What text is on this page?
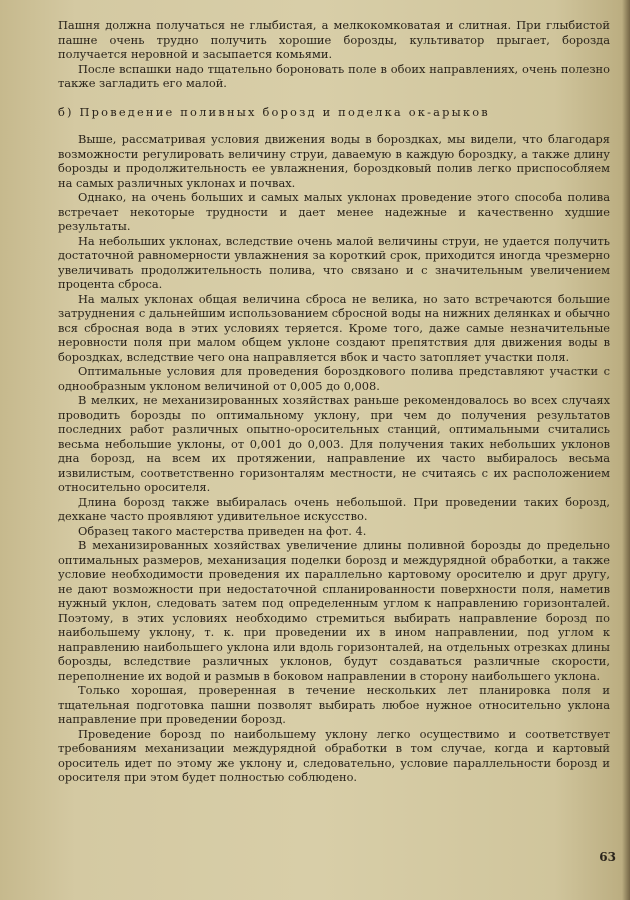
Пашня должна получаться не глыбистая, а мелкокомковатая и слитная. При глыбистой пашне очень трудно получить хорошие борозды, культиватор прыгает, борозда получается неровной и засыпается комьями.

После вспашки надо тщательно бороновать поле в обоих направлениях, очень полезно также загладить его малой.

б) Проведение поливных борозд и поделка ок-арыков

Выше, рассматривая условия движения воды в бороздках, мы видели, что благодаря возможности регулировать величину струи, даваемую в каждую бороздку, а также длину борозды и продолжительность ее увлажнения, бороздковый полив легко приспособляем на самых различных уклонах и почвах.

Однако, на очень больших и самых малых уклонах проведение этого способа полива встречает некоторые трудности и дает менее надежные и качественно худшие результаты.

На небольших уклонах, вследствие очень малой величины струи, не удается получить достаточной равномерности увлажнения за короткий срок, приходится иногда чрезмерно увеличивать продолжительность полива, что связано и с значительным увеличением процента сброса.

На малых уклонах общая величина сброса не велика, но зато встречаются большие затруднения с дальнейшим использованием сбросной воды на нижних делянках и обычно вся сбросная вода в этих условиях теряется. Кроме того, даже самые незначительные неровности поля при малом общем уклоне создают препятствия для движения воды в бороздках, вследствие чего она направляется вбок и часто затопляет участки поля.

Оптимальные условия для проведения бороздкового полива представляют участки с однообразным уклоном величиной от 0,005 до 0,008.

В мелких, не механизированных хозяйствах раньше рекомендовалось во всех случаях проводить борозды по оптимальному уклону, при чем до получения результатов последних работ различных опытно-оросительных станций, оптимальными считались весьма небольшие уклоны, от 0,001 до 0,003. Для получения таких небольших уклонов дна борозд, на всем их протяжении, направление их часто выбиралось весьма извилистым, соответственно горизонталям местности, не считаясь с их расположением относительно оросителя.

Длина борозд также выбиралась очень небольшой. При проведении таких борозд, дехкане часто проявляют удивительное искусство.

Образец такого мастерства приведен на фот. 4.

В механизированных хозяйствах увеличение длины поливной борозды до предельно оптимальных размеров, механизация поделки борозд и междурядной обработки, а также условие необходимости проведения их параллельно картовому оросителю и друг другу, не дают возможности при недостаточной спланированности поверхности поля, наметив нужный уклон, следовать затем под определенным углом к направлению горизонталей. Поэтому, в этих условиях необходимо стремиться выбирать направление борозд по наибольшему уклону, т. к. при проведении их в ином направлении, под углом к направлению наибольшего уклона или вдоль горизонталей, на отдельных отрезках длины борозды, вследствие различных уклонов, будут создаваться различные скорости, переполнение их водой и размыв в боковом направлении в сторону наибольшего уклона.

Только хорошая, проверенная в течение нескольких лет планировка поля и тщательная подготовка пашни позволят выбирать любое нужное относительно уклона направление при проведении борозд.

Проведение борозд по наибольшему уклону легко осуществимо и соответствует требованиям механизации междурядной обработки в том случае, когда и картовый ороситель идет по этому же уклону и, следовательно, условие параллельности борозд и оросителя при этом будет полностью соблюдено.

63
